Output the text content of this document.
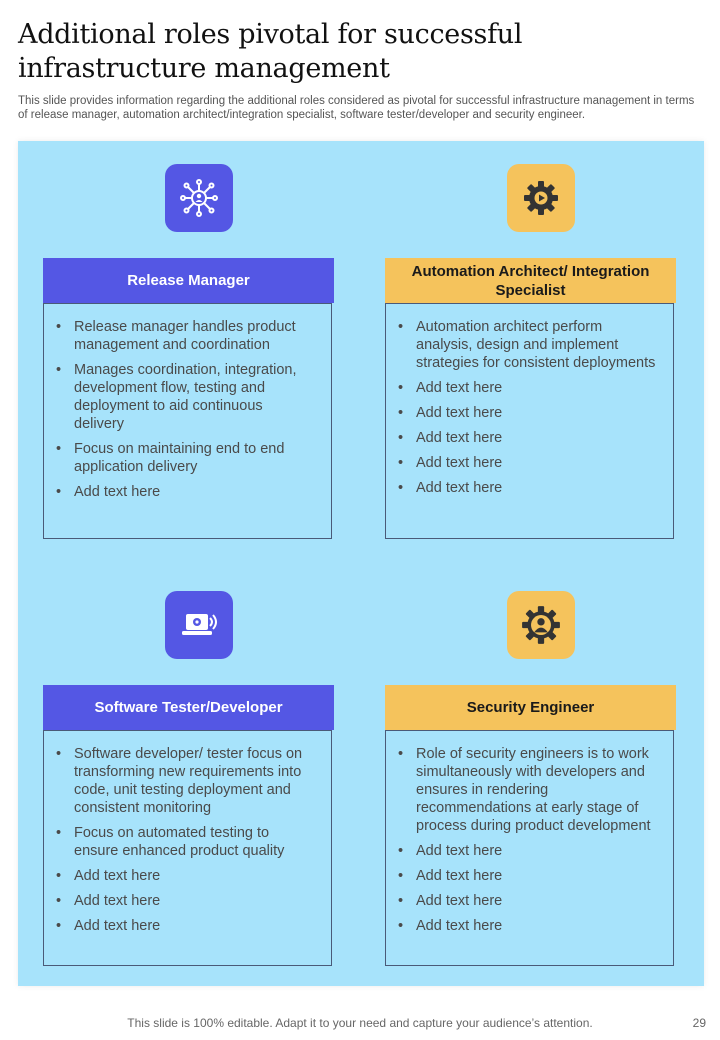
Additional roles pivotal for successful infrastructure management

This slide provides information regarding the additional roles considered as pivotal for successful infrastructure management in terms of release manager, automation architect/integration specialist, software tester/developer and security engineer.

Release Manager
• Release manager handles product management and coordination
• Manages coordination, integration, development flow, testing and deployment to aid continuous delivery
• Focus on maintaining end to end application delivery
• Add text here
Automation Architect/ Integration Specialist
• Automation architect perform analysis, design and implement strategies for consistent deployments
• Add text here
• Add text here
• Add text here
• Add text here
• Add text here
Software Tester/Developer
• Software developer/ tester focus on transforming new requirements into code, unit testing deployment and consistent monitoring
• Focus on automated testing to ensure enhanced product quality
• Add text here
• Add text here
• Add text here
Security Engineer
• Role of security engineers is to work simultaneously with developers and ensures in rendering recommendations at early stage of process during product development
• Add text here
• Add text here
• Add text here
• Add text here
This slide is 100% editable. Adapt it to your need and capture your audience’s attention.	29
